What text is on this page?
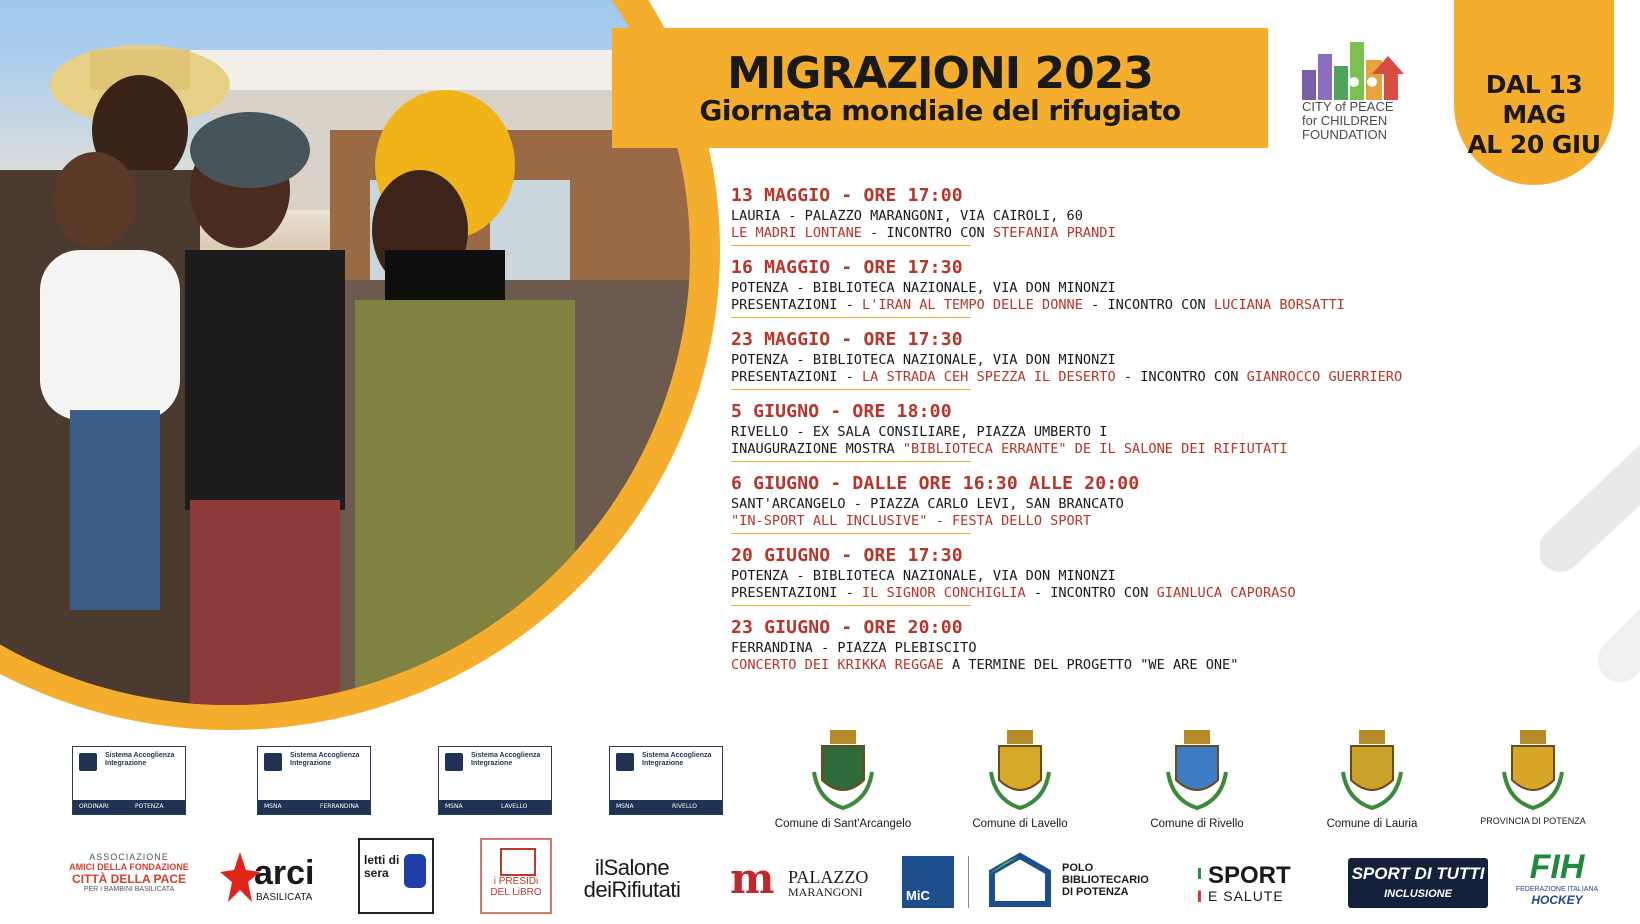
MIGRAZIONI 2023
Giornata mondiale del rifugiato	CITY of PEACE
for CHILDREN
FOUNDATION
DAL 13 MAG
AL 20 GIU
13 MAGGIO - ORE 17:00
LAURIA - PALAZZO MARANGONI, VIA CAIROLI, 60
LE MADRI LONTANE - INCONTRO CON STEFANIA PRANDI
16 MAGGIO - ORE 17:30
POTENZA - BIBLIOTECA NAZIONALE, VIA DON MINONZI
PRESENTAZIONI - L'IRAN AL TEMPO DELLE DONNE - INCONTRO CON LUCIANA BORSATTI
23 MAGGIO - ORE 17:30
POTENZA - BIBLIOTECA NAZIONALE, VIA DON MINONZI
PRESENTAZIONI - LA STRADA CEH SPEZZA IL DESERTO - INCONTRO CON GIANROCCO GUERRIERO
5 GIUGNO - ORE 18:00
RIVELLO - EX SALA CONSILIARE, PIAZZA UMBERTO I
INAUGURAZIONE MOSTRA "BIBLIOTECA ERRANTE" DE IL SALONE DEI RIFIUTATI
6 GIUGNO - DALLE ORE 16:30 ALLE 20:00
SANT'ARCANGELO - PIAZZA CARLO LEVI, SAN BRANCATO
"IN-SPORT ALL INCLUSIVE" - FESTA DELLO SPORT
20 GIUGNO - ORE 17:30
POTENZA - BIBLIOTECA NAZIONALE, VIA DON MINONZI
PRESENTAZIONI - IL SIGNOR CONCHIGLIA - INCONTRO CON GIANLUCA CAPORASO
23 GIUGNO - ORE 20:00
FERRANDINA - PIAZZA PLEBISCITO
CONCERTO DEI KRIKKA REGGAE A TERMINE DEL PROGETTO "WE ARE ONE"
Sistema Accoglienza Integrazione
ORDINARI	POTENZA
Sistema Accoglienza Integrazione
MSNA	FERRANDINA
Sistema Accoglienza Integrazione
MSNA	LAVELLO
Sistema Accoglienza Integrazione
MSNA	RIVELLO
Comune di Sant'Arcangelo	Comune di Lavello	Comune di Rivello	Comune di Lauria	PROVINCIA DI POTENZA
ASSOCIAZIONE
AMICI DELLA FONDAZIONE
CITTÀ DELLA PACE
PER I BAMBINI BASILICATA	arci
BASILICATA
letti di sera
i PRESIDi DEL LiBRO
ilSalone
deiRifiutati m PALAZZO
MARANGONI	MiC
POLO
BIBLIOTECARIO
DI POTENZA
SPORT
E SALUTE
SPORT DI TUTTI
INCLUSIONE
FIH
FEDERAZIONE ITALIANA
HOCKEY
